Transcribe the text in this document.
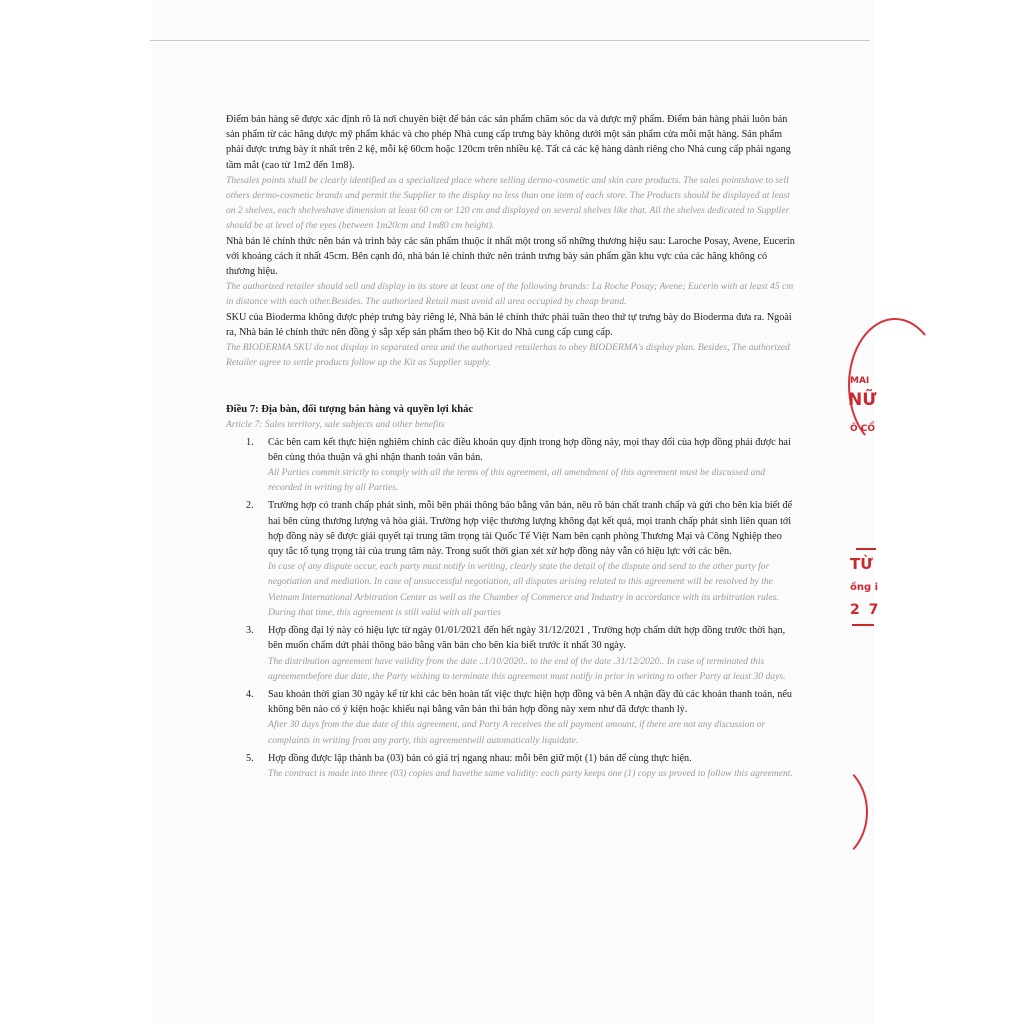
Điểm bán hàng sẽ được xác định rõ là nơi chuyên biệt để bán các sản phẩm chăm sóc da và dược mỹ phẩm. Điểm bán hàng phải luôn bán sản phẩm từ các hãng dược mỹ phẩm khác và cho phép Nhà cung cấp trưng bày không dưới một sản phẩm cửa mỗi mặt hàng. Sản phẩm phải được trưng bày ít nhất trên 2 kệ, mỗi kệ 60cm hoặc 120cm trên nhiều kệ. Tất cả các kệ hàng dành riêng cho Nhà cung cấp phải ngang tầm mắt (cao từ 1m2 đến 1m8).

Thesales points shall be clearly identified as a specialized place where selling dermo-cosmetic and skin care products. The sales pointshave to sell others dermo-cosmetic brands and permit the Supplier to the display no less than one item of each store. The Products should be displayed at least on 2 shelves, each shelveshave dimension at least 60 cm or 120 cm and displayed on several shelves like that. All the shelves dedicated to Supplier should be at level of the eyes (between 1m20cm and 1m80 cm height).

Nhà bán lẻ chính thức nên bán và trình bày các sản phẩm thuộc ít nhất một trong số những thương hiệu sau: Laroche Posay, Avene, Eucerin với khoảng cách ít nhất 45cm. Bên cạnh đó, nhà bán lẻ chính thức nên tránh trưng bày sản phẩm gần khu vực của các hãng không có thương hiệu.

The authorized retailer should sell and display in its store at least one of the following brands: La Roche Posay; Avene; Eucerin with at least 45 cm in distance with each other.Besides. The authorized Retail must avoid all area occupied by cheap brand.

SKU của Bioderma không được phép trưng bày riêng lẻ, Nhà bán lẻ chính thức phải tuân theo thứ tự trưng bày do Bioderma đưa ra. Ngoài ra, Nhà bán lẻ chính thức nên đồng ý sắp xếp sản phẩm theo bộ Kit do Nhà cung cấp cung cấp.

The BIODERMA SKU do not display in separated area and the authorized retailerhas to obey BIODERMA's display plan. Besides, The authorized Retailer agree to settle products follow up the Kit as Supplier supply.

Điều 7: Địa bàn, đối tượng bán hàng và quyền lợi khác
Article 7: Sales territory, sale subjects and other benefits
1. Các bên cam kết thực hiện nghiêm chỉnh các điều khoản quy định trong hợp đồng này, mọi thay đổi của hợp đồng phải được hai bên cùng thỏa thuận và ghi nhận thanh toán văn bản.
All Parties commit strictly to comply with all the terms of this agreement, all amendment of this agreement must be discussed and recorded in writing by all Parties.
2. Trường hợp có tranh chấp phát sinh, mỗi bên phải thông báo bằng văn bản, nêu rõ bản chất tranh chấp và gửi cho bên kia biết để hai bên cùng thương lượng và hòa giải. Trường hợp việc thương lượng không đạt kết quả, mọi tranh chấp phát sinh liên quan tới hợp đồng này sẽ được giải quyết tại trung tâm trọng tài Quốc Tế Việt Nam bên cạnh phòng Thương Mại và Công Nghiệp theo quy tắc tố tụng trọng tài của trung tâm này. Trong suốt thời gian xét xử hợp đồng này vẫn có hiệu lực với các bên.
In case of any dispute occur, each party must notify in writing, clearly state the detail of the dispute and send to the other party for negotiation and mediation. In case of unsuccessful negotiation, all disputes arising related to this agreement will be resolved by the Vietnam International Arbitration Center as well as the Chamber of Commerce and Industry in accordance with its arbitration rules. During that time, this agreement is still valid with all parties
3. Hợp đồng đại lý này có hiệu lực từ ngày 01/01/2021 đến hết ngày 31/12/2021 , Trường hợp chấm dứt hợp đồng trước thời hạn, bên muốn chấm dứt phải thông báo bằng văn bản cho bên kia biết trước ít nhất 30 ngày.
The distribution agreement have validity from the date ..1/10/2020.. to the end of the date .31/12/2020.. In case of terminated this agreementbefore due date, the Party wishing to terminate this agreement must notify in prior in writing to other Party at least 30 days.
4. Sau khoản thời gian 30 ngày kể từ khi các bên hoàn tất việc thực hiện hợp đồng và bên A nhận đầy đủ các khoản thanh toán, nếu không bên nào có ý kiện hoặc khiếu nại bằng văn bản thì bản hợp đồng này xem như đã được thanh lý.
After 30 days from the due date of this agreement, and Party A receives the all payment amount, if there are not any discussion or complaints in writing from any party, this agreementwill automatically liquidate.
5. Hợp đồng được lập thành ba (03) bản có giá trị ngang nhau: mỗi bên giữ một (1) bản để cùng thực hiện.
The contract is made into three (03) copies and havethe same validity: each party keeps one (1) copy as proved to follow this agreement.
MAI
NỮ
Ô CỔ
TỪ
ồng i
2 7
